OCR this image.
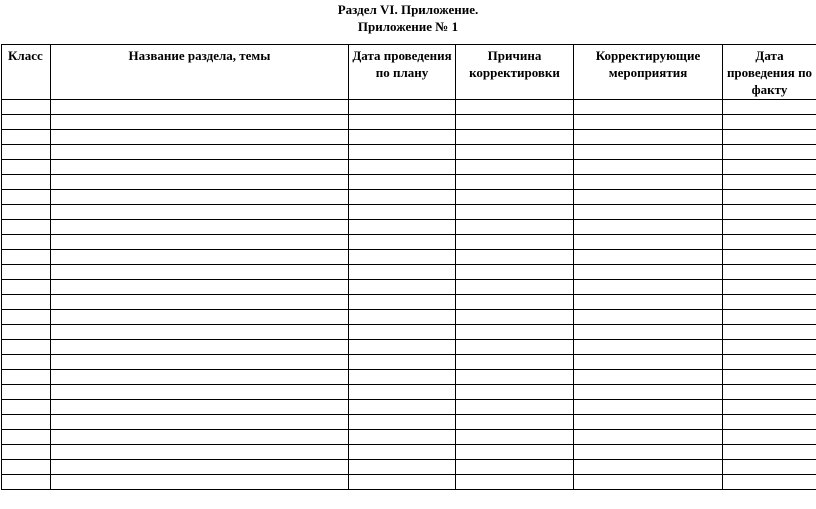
Раздел VI. Приложение.
Приложение № 1
Класс	Название раздела, темы	Дата проведения по плану	Причина корректировки	Корректирующие мероприятия	Дата проведения по факту
